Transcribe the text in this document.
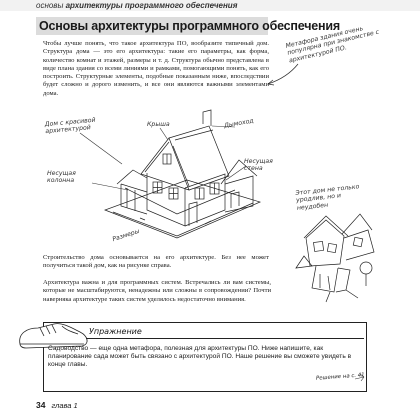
основы архитектуры программного обеспечения
Основы архитектуры программного обеспечения

Чтобы лучше понять, что такое архитектура ПО, вообразите типичный дом. Структура дома — это его архитектура: такие его параметры, как форма, количество комнат и этажей, размеры и т. д. Структура обычно представлена в виде плана здания со всеми линиями и рамками, помогающими понять, как его построить. Структурные элементы, подобные показанным ниже, впоследствии будет сложно и дорого изменить, и все они являются важными элементами дома.

Метафора здания очень популярна при знакомстве с архитектурой ПО.
Дом с красивой архитектурой
Крыша	Дымоход
Несущая колонна
Несущая стена
Размеры

Строительство дома основывается на его архитектуре. Без нее может получиться такой дом, как на рисунке справа.

Архитектура важна и для программных систем. Встречались ли вам системы, которые не масштабируются, ненадежны или сложны в сопровождении? Почти наверняка архитектуре таких систем уделялось недостаточно внимания.

Этот дом не только уродлив, но и неудобен
Упражнение

Садоводство — еще одна метафора, полезная для архитектуры ПО. Ниже напишите, как планирование сада может быть связано с архитектурой ПО. Наше решение вы сможете увидеть в конце главы.

Решение на с. 41
34 глава 1
